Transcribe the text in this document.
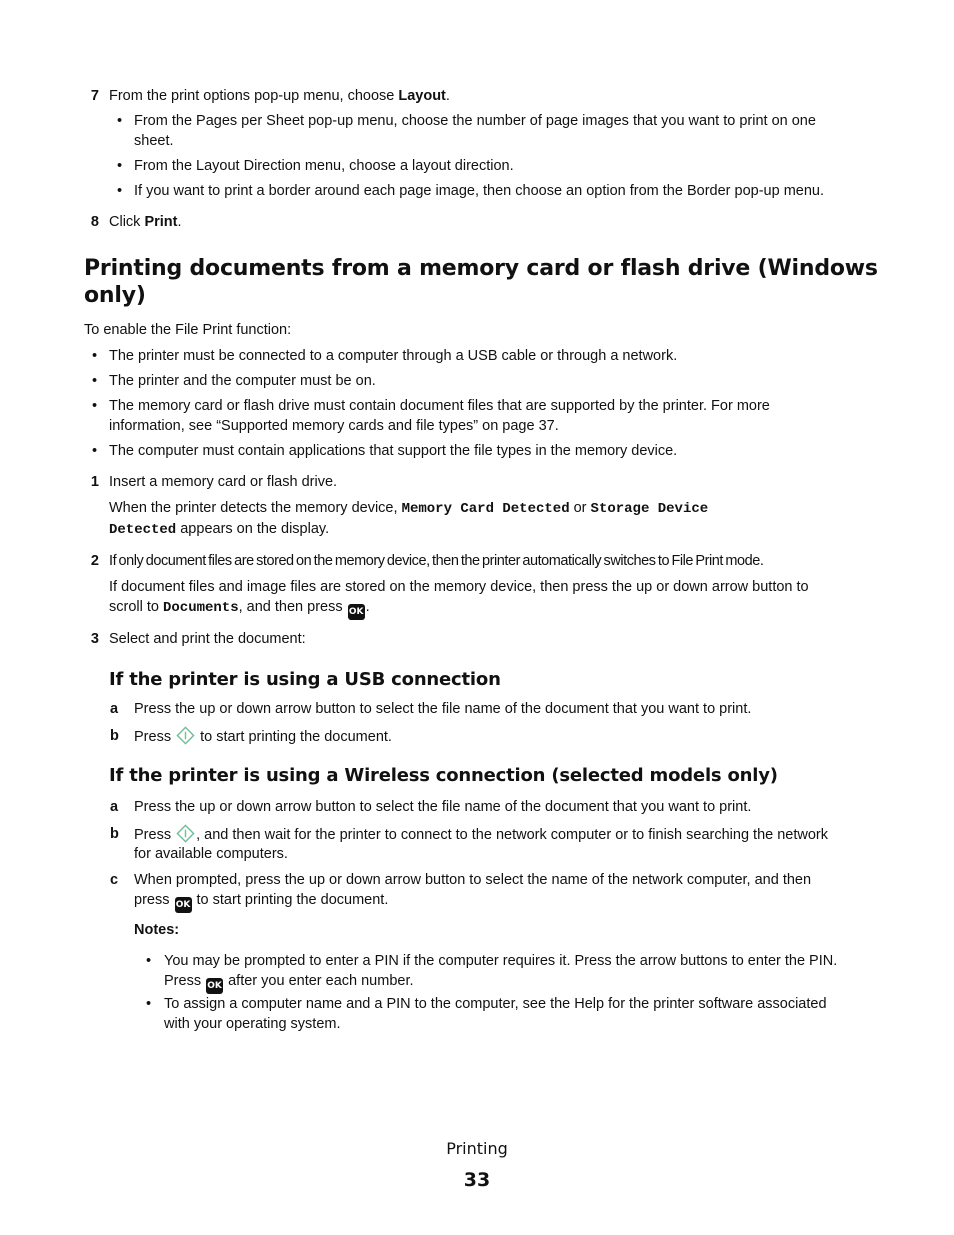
7 From the print options pop-up menu, choose Layout.
•
From the Pages per Sheet pop-up menu, choose the number of page images that you want to print on one
sheet.
•
From the Layout Direction menu, choose a layout direction.
•
If you want to print a border around each page image, then choose an option from the Border pop-up menu.
8 Click Print.
Printing documents from a memory card or flash drive (Windows
only)
To enable the File Print function:
•
The printer must be connected to a computer through a USB cable or through a network.
•
The printer and the computer must be on.
•
The memory card or flash drive must contain document files that are supported by the printer. For more
information, see “Supported memory cards and file types” on page 37.
•
The computer must contain applications that support the file types in the memory device.
1 Insert a memory card or flash drive.
When the printer detects the memory device, Memory Card Detected or Storage Device
Detected appears on the display.
2 If only document files are stored on the memory device, then the printer automatically switches to File Print mode.
If document files and image files are stored on the memory device, then press the up or down arrow button to
scroll to Documents, and then press OK .
3 Select and print the document:
If the printer is using a USB connection
a Press the up or down arrow button to select the file name of the document that you want to print.
b Press  to start printing the document.
If the printer is using a Wireless connection (selected models only)
a Press the up or down arrow button to select the file name of the document that you want to print.
b Press , and then wait for the printer to connect to the network computer or to finish searching the network
for available computers.
c When prompted, press the up or down arrow button to select the name of the network computer, and then
press OK to start printing the document.
Notes:
•
You may be prompted to enter a PIN if the computer requires it. Press the arrow buttons to enter the PIN.
Press OK after you enter each number.
•
To assign a computer name and a PIN to the computer, see the Help for the printer software associated
with your operating system.
Printing
33
